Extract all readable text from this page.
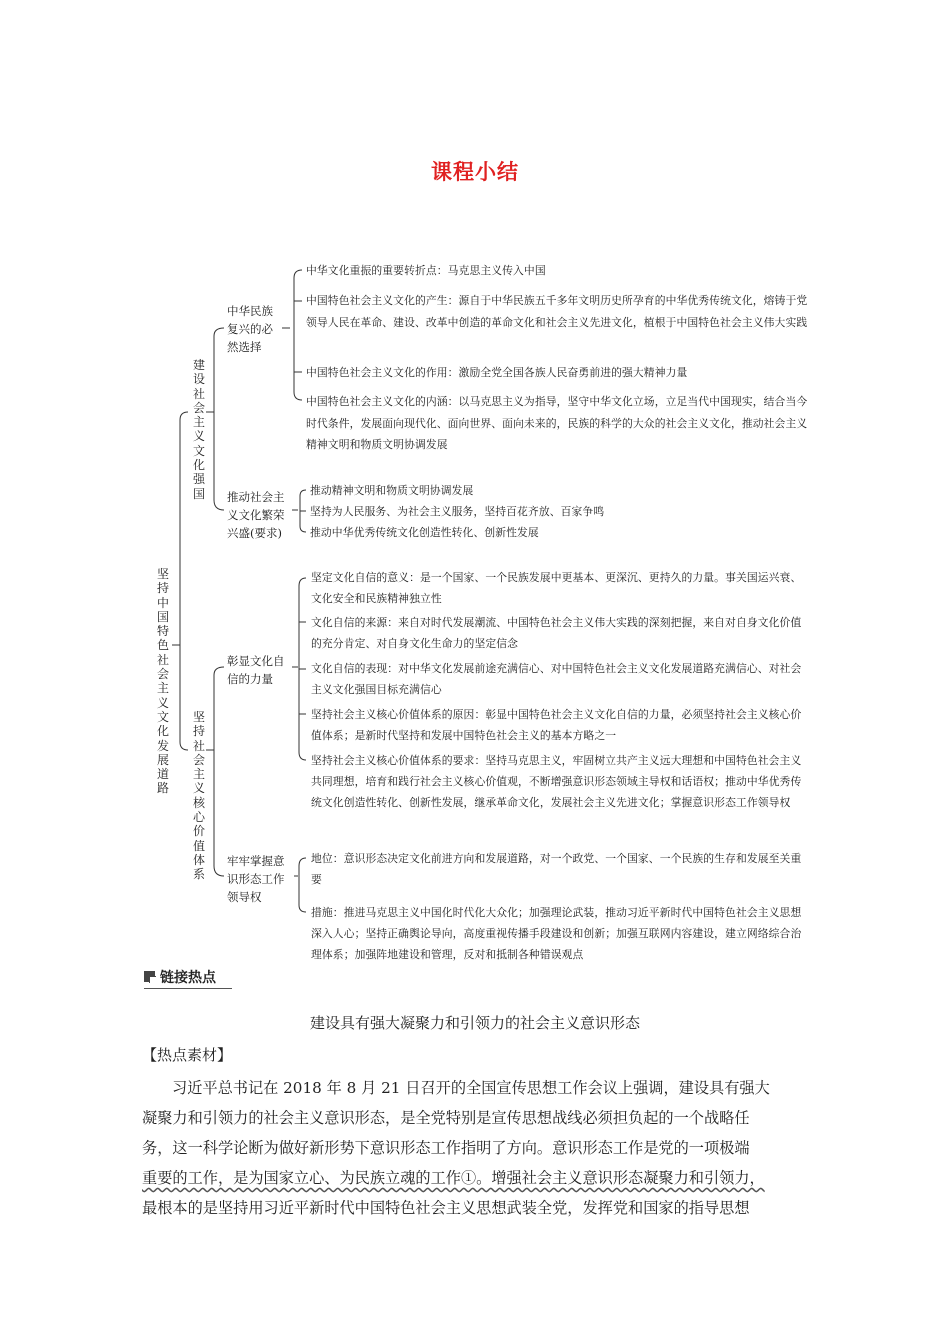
课程小结
坚持中国特色社会主义文化发展道路
建设社会主义文化强国
坚持社会主义核心价值体系
中华民族复兴的必然选择
推动社会主义文化繁荣兴盛(要求)
彰显文化自信的力量
牢牢掌握意识形态工作领导权
中华文化重振的重要转折点：马克思主义传入中国
中国特色社会主义文化的产生：源自于中华民族五千多年文明历史所孕育的中华优秀传统文化，熔铸于党领导人民在革命、建设、改革中创造的革命文化和社会主义先进文化，植根于中国特色社会主义伟大实践
中国特色社会主义文化的作用：激励全党全国各族人民奋勇前进的强大精神力量
中国特色社会主义文化的内涵：以马克思主义为指导，坚守中华文化立场，立足当代中国现实，结合当今时代条件，发展面向现代化、面向世界、面向未来的，民族的科学的大众的社会主义文化，推动社会主义精神文明和物质文明协调发展
推动精神文明和物质文明协调发展
坚持为人民服务、为社会主义服务，坚持百花齐放、百家争鸣
推动中华优秀传统文化创造性转化、创新性发展
坚定文化自信的意义：是一个国家、一个民族发展中更基本、更深沉、更持久的力量。事关国运兴衰、文化安全和民族精神独立性
文化自信的来源：来自对时代发展潮流、中国特色社会主义伟大实践的深刻把握，来自对自身文化价值的充分肯定、对自身文化生命力的坚定信念
文化自信的表现：对中华文化发展前途充满信心、对中国特色社会主义文化发展道路充满信心、对社会主义文化强国目标充满信心
坚持社会主义核心价值体系的原因：彰显中国特色社会主义文化自信的力量，必须坚持社会主义核心价值体系；是新时代坚持和发展中国特色社会主义的基本方略之一
坚持社会主义核心价值体系的要求：坚持马克思主义，牢固树立共产主义远大理想和中国特色社会主义共同理想，培育和践行社会主义核心价值观，不断增强意识形态领域主导权和话语权；推动中华优秀传统文化创造性转化、创新性发展，继承革命文化，发展社会主义先进文化；掌握意识形态工作领导权
地位：意识形态决定文化前进方向和发展道路，对一个政党、一个国家、一个民族的生存和发展至关重要
措施：推进马克思主义中国化时代化大众化；加强理论武装，推动习近平新时代中国特色社会主义思想深入人心；坚持正确舆论导向，高度重视传播手段建设和创新；加强互联网内容建设，建立网络综合治理体系；加强阵地建设和管理，反对和抵制各种错误观点
链接热点
建设具有强大凝聚力和引领力的社会主义意识形态
【热点素材】
习近平总书记在 2018 年 8 月 21 日召开的全国宣传思想工作会议上强调，建设具有强大
凝聚力和引领力的社会主义意识形态，是全党特别是宣传思想战线必须担负起的一个战略任
务，这一科学论断为做好新形势下意识形态工作指明了方向。意识形态工作是党的一项极端
重要的工作，是为国家立心、为民族立魂的工作①。增强社会主义意识形态凝聚力和引领力，
最根本的是坚持用习近平新时代中国特色社会主义思想武装全党，发挥党和国家的指导思想
